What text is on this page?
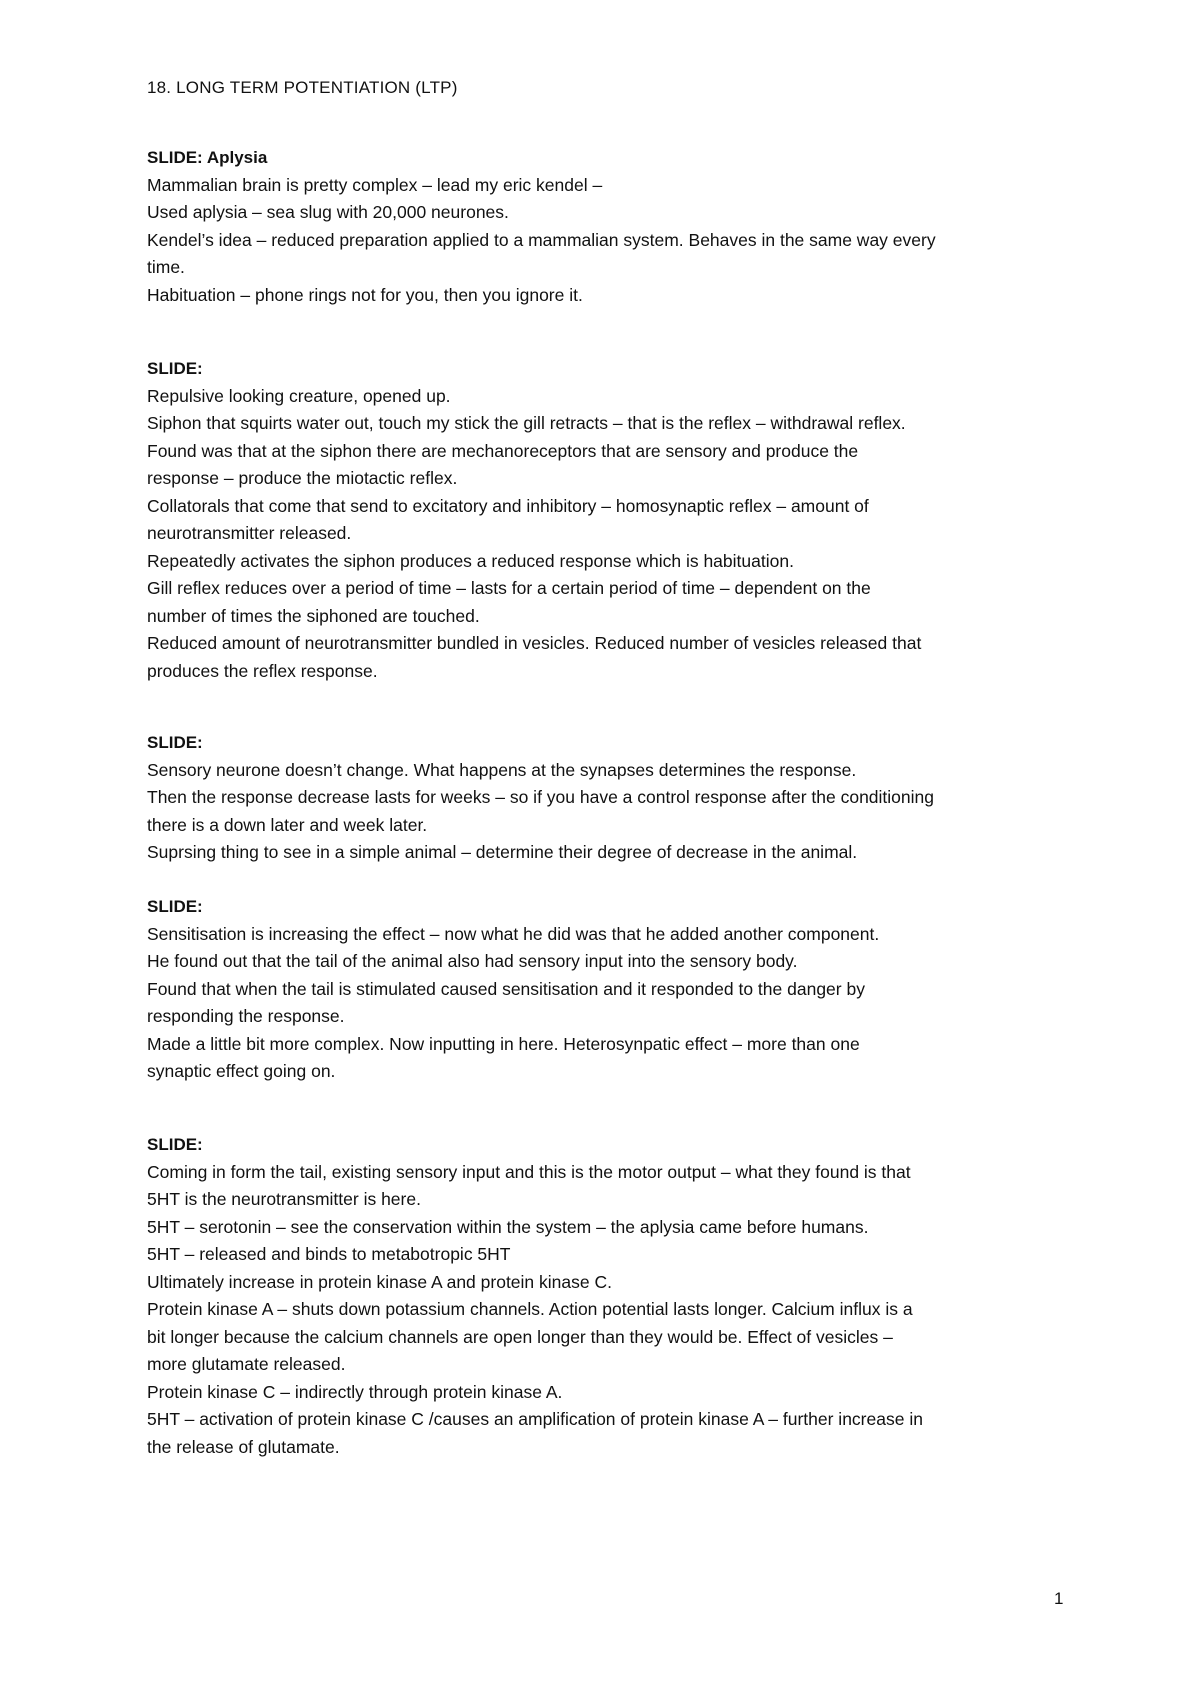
18. LONG TERM POTENTIATION (LTP)
SLIDE: Aplysia
Mammalian brain is pretty complex – lead my eric kendel –
Used aplysia – sea slug with 20,000 neurones.
Kendel’s idea – reduced preparation applied to a mammalian system. Behaves in the same way every
time.
Habituation – phone rings not for you, then you ignore it.
SLIDE:
Repulsive looking creature, opened up.
Siphon that squirts water out, touch my stick the gill retracts – that is the reflex – withdrawal reflex.
Found was that at the siphon there are mechanoreceptors that are sensory and produce the
response – produce the miotactic reflex.
Collatorals that come that send to excitatory and inhibitory – homosynaptic reflex – amount of
neurotransmitter released.
Repeatedly activates the siphon produces a reduced response which is habituation.
Gill reflex reduces over a period of time – lasts for a certain period of time – dependent on the
number of times the siphoned are touched.
Reduced amount of neurotransmitter bundled in vesicles. Reduced number of vesicles released that
produces the reflex response.
SLIDE:
Sensory neurone doesn’t change. What happens at the synapses determines the response.
Then the response decrease lasts for weeks – so if you have a control response after the conditioning
there is a down later and week later.
Suprsing thing to see in a simple animal – determine their degree of decrease in the animal.
SLIDE:
Sensitisation is increasing the effect – now what he did was that he added another component.
He found out that the tail of the animal also had sensory input into the sensory body.
Found that when the tail is stimulated caused sensitisation and it responded to the danger by
responding the response.
Made a little bit more complex. Now inputting in here. Heterosynpatic effect – more than one
synaptic effect going on.
SLIDE:
Coming in form the tail, existing sensory input and this is the motor output – what they found is that
5HT is the neurotransmitter is here.
5HT – serotonin – see the conservation within the system – the aplysia came before humans.
5HT – released and binds to metabotropic 5HT
Ultimately increase in protein kinase A and protein kinase C.
Protein kinase A – shuts down potassium channels. Action potential lasts longer. Calcium influx is a
bit longer because the calcium channels are open longer than they would be. Effect of vesicles –
more glutamate released.
Protein kinase C – indirectly through protein kinase A.
5HT – activation of protein kinase C /causes an amplification of protein kinase A – further increase in
the release of glutamate.
1
